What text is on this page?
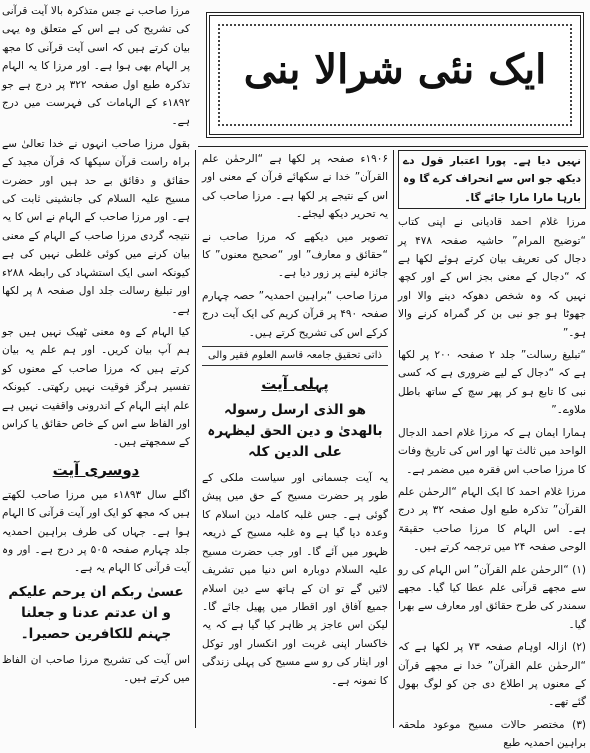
ایک نئی شرالا بنی

مرزا صاحب نے جس متذکرہ بالا آیت قرآنی کی تشریح کی ہے اس کے متعلق وہ یہی بیان کرتے ہیں کہ اسی آیت قرآنی کا مجھ پر الہام بھی ہوا ہے۔ اور مرزا کا یہ الہام تذکرہ طبع اول صفحہ ۳۲۲ پر درج ہے جو ۱۸۹۲ء کے الہامات کی فہرست میں درج ہے۔

بقول مرزا صاحب انہوں نے خدا تعالیٰ سے براہ راست قرآن سیکھا کہ قرآن مجید کے حقائق و دقائق بے حد ہیں اور حضرت مسیح علیہ السلام کی جانشینی ثابت کی ہے۔ اور مرزا صاحب کے الہام نے اس کا یہ نتیجہ گردی مرزا صاحب کے الہام کے معنی بیان کرنے میں کوئی غلطی نہیں کی ہے کیونکہ اسی ایک استشہاد کی رابطہ ۲۸۸ء اور تبلیغ رسالت جلد اول صفحہ ۸ پر لکھا ہے۔

کیا الہام کے وہ معنی ٹھیک نہیں ہیں جو ہم آپ بیان کریں۔ اور ہم علم یہ بیان کرتے ہیں کہ مرزا صاحب کے معنوں کو تفسیر ہرگز فوقیت نہیں رکھتی۔ کیونکہ علم اپنے الہام کے اندرونی واقفیت نہیں ہے اور الفاظ سے اس کے خاص حقائق یا کراس کے سمجھتے ہیں۔

دوسری آیت

اگلے سال ۱۸۹۳ء میں مرزا صاحب لکھتے ہیں کہ مجھ کو ایک اور آیت قرآنی کا الہام ہوا ہے۔ جہاں کی طرف براہین احمدیہ جلد چہارم صفحہ ۵۰۵ پر درج ہے۔ اور وہ آیت قرآنی کا الہام یہ ہے۔

عسیٰ ربکم ان یرحم علیکم و ان عدتم عدنا و جعلنا جہنم للکافرین حصیرا۔

اس آیت کی تشریح مرزا صاحب ان الفاظ میں کرتے ہیں۔

۱۹۰۶ء صفحہ پر لکھا ہے “الرحمٰن علم القرآن” خدا نے سکھائے قرآن کے معنی اور اس کے نتیجے پر لکھا ہے۔ مرزا صاحب کی یہ تحریر دیکھ لیجئے۔

تصویر میں دیکھے کہ مرزا صاحب نے “حقائق و معارف” اور “صحیح معنوں” کا جائزہ لینے پر زور دیا ہے۔

مرزا صاحب “براہین احمدیہ” حصہ چہارم صفحہ ۴۹۰ پر قرآن کریم کی ایک آیت درج کرکے اس کی تشریح کرتے ہیں۔

ذاتی تحقیق جامعہ قاسم العلوم فقیر والی
پہلی آیت
ھو الذی ارسل رسولہ بالھدیٰ و دین الحق لیظہرہ علی الدین کلہ

یہ آیت جسمانی اور سیاست ملکی کے طور پر حضرت مسیح کے حق میں پیش گوئی ہے۔ جس غلبہ کاملہ دین اسلام کا وعدہ دیا گیا ہے وہ غلبہ مسیح کے ذریعہ ظہور میں آئے گا۔ اور جب حضرت مسیح علیہ السلام دوبارہ اس دنیا میں تشریف لائیں گے تو ان کے ہاتھ سے دین اسلام جمیع آفاق اور اقطار میں پھیل جائے گا۔ لیکن اس عاجز پر ظاہر کیا گیا ہے کہ یہ خاکسار اپنی غربت اور انکسار اور توکل اور ایثار کی رو سے مسیح کی پہلی زندگی کا نمونہ ہے۔

نہیں دیا ہے۔ پورا اعتبار قول دے دیکھ جو اس سے انحراف کرے گا وہ بارہا مارا مارا جائے گا۔

مرزا غلام احمد قادیانی نے اپنی کتاب “توضیح المرام” حاشیہ صفحہ ۴۷۸ پر دجال کی تعریف بیان کرتے ہوئے لکھا ہے کہ “دجال کے معنی بجز اس کے اور کچھ نہیں کہ وہ شخص دھوکہ دینے والا اور جھوٹا ہو جو نبی بن کر گمراہ کرنے والا ہو۔”

“تبلیغ رسالت” جلد ۲ صفحہ ۲۰۰ پر لکھا ہے کہ “دجال کے لیے ضروری ہے کہ کسی نبی کا تابع ہو کر پھر سچ کے ساتھ باطل ملاوے۔”

ہمارا ایمان ہے کہ مرزا غلام احمد الدجال الواحد میں ثالث تھا اور اس کی تاریخ وفات کا مرزا صاحب اس فقرہ میں مضمر ہے۔

مرزا غلام احمد کا ایک الہام “الرحمٰن علم القرآن” تذکرہ طبع اول صفحہ ۳۲ پر درج ہے۔ اس الہام کا مرزا صاحب حقیقۃ الوحی صفحہ ۲۴ میں ترجمہ کرتے ہیں۔

(۱) “الرحمٰن علم القرآن” اس الہام کی رو سے مجھے قرآنی علم عطا کیا گیا۔ مجھے سمندر کی طرح حقائق اور معارف سے بھرا گیا۔

(۲) ازالہ اوہام صفحہ ۷۳ پر لکھا ہے کہ “الرحمٰن علم القرآن” خدا نے مجھے قرآن کے معنوں پر اطلاع دی جن کو لوگ بھول گئے تھے۔

(۳) مختصر حالات مسیح موعود ملحقہ براہین احمدیہ طبع
